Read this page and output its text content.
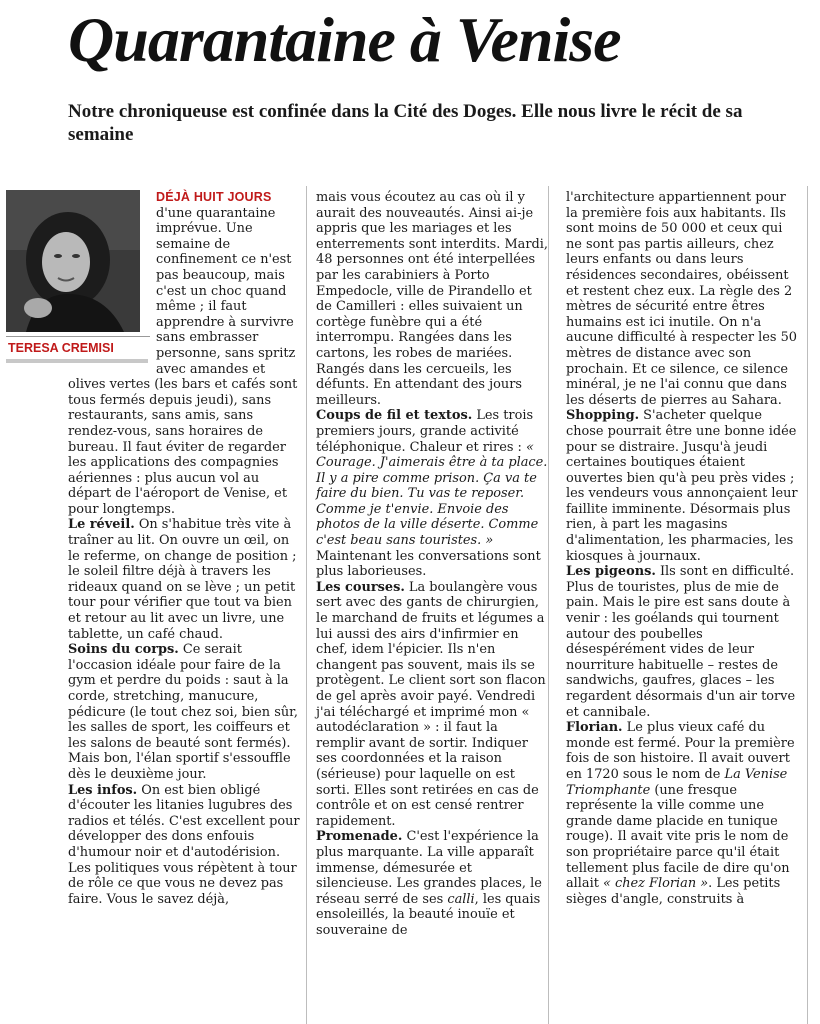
Quarantaine à Venise

Notre chroniqueuse est confinée dans la Cité des Doges. Elle nous livre le récit de sa semaine

TERESA CREMISI

DÉJÀ HUIT JOURS d'une quarantaine imprévue. Une semaine de confinement ce n'est pas beaucoup, mais c'est un choc quand même ; il faut apprendre à survivre sans embrasser personne, sans spritz avec amandes et olives vertes (les bars et cafés sont tous fermés depuis jeudi), sans restaurants, sans amis, sans rendez-vous, sans horaires de bureau. Il faut éviter de regarder les applications des compagnies aériennes : plus aucun vol au départ de l'aéroport de Venise, et pour longtemps.

Le réveil. On s'habitue très vite à traîner au lit. On ouvre un œil, on le referme, on change de position ; le soleil filtre déjà à travers les rideaux quand on se lève ; un petit tour pour vérifier que tout va bien et retour au lit avec un livre, une tablette, un café chaud.

Soins du corps. Ce serait l'occasion idéale pour faire de la gym et perdre du poids : saut à la corde, stretching, manucure, pédicure (le tout chez soi, bien sûr, les salles de sport, les coiffeurs et les salons de beauté sont fermés). Mais bon, l'élan sportif s'essouffle dès le deuxième jour.

Les infos. On est bien obligé d'écouter les litanies lugubres des radios et télés. C'est excellent pour développer des dons enfouis d'humour noir et d'autodérision. Les politiques vous répètent à tour de rôle ce que vous ne devez pas faire. Vous le savez déjà,

mais vous écoutez au cas où il y aurait des nouveautés. Ainsi ai-je appris que les mariages et les enterrements sont interdits. Mardi, 48 personnes ont été interpellées par les carabiniers à Porto Empedocle, ville de Pirandello et de Camilleri : elles suivaient un cortège funèbre qui a été interrompu. Rangées dans les cartons, les robes de mariées. Rangés dans les cercueils, les défunts. En attendant des jours meilleurs.

Coups de fil et textos. Les trois premiers jours, grande activité téléphonique. Chaleur et rires : « Courage. J'aimerais être à ta place. Il y a pire comme prison. Ça va te faire du bien. Tu vas te reposer. Comme je t'envie. Envoie des photos de la ville déserte. Comme c'est beau sans touristes. » Maintenant les conversations sont plus laborieuses.

Les courses. La boulangère vous sert avec des gants de chirurgien, le marchand de fruits et légumes a lui aussi des airs d'infirmier en chef, idem l'épicier. Ils n'en changent pas souvent, mais ils se protègent. Le client sort son flacon de gel après avoir payé. Vendredi j'ai téléchargé et imprimé mon « autodéclaration » : il faut la remplir avant de sortir. Indiquer ses coordonnées et la raison (sérieuse) pour laquelle on est sorti. Elles sont retirées en cas de contrôle et on est censé rentrer rapidement.

Promenade. C'est l'expérience la plus marquante. La ville apparaît immense, démesurée et silencieuse. Les grandes places, le réseau serré de ses calli, les quais ensoleillés, la beauté inouïe et souveraine de

l'architecture appartiennent pour la première fois aux habitants. Ils sont moins de 50 000 et ceux qui ne sont pas partis ailleurs, chez leurs enfants ou dans leurs résidences secondaires, obéissent et restent chez eux. La règle des 2 mètres de sécurité entre êtres humains est ici inutile. On n'a aucune difficulté à respecter les 50 mètres de distance avec son prochain. Et ce silence, ce silence minéral, je ne l'ai connu que dans les déserts de pierres au Sahara.

Shopping. S'acheter quelque chose pourrait être une bonne idée pour se distraire. Jusqu'à jeudi certaines boutiques étaient ouvertes bien qu'à peu près vides ; les vendeurs vous annonçaient leur faillite imminente. Désormais plus rien, à part les magasins d'alimentation, les pharmacies, les kiosques à journaux.

Les pigeons. Ils sont en difficulté. Plus de touristes, plus de mie de pain. Mais le pire est sans doute à venir : les goélands qui tournent autour des poubelles désespérément vides de leur nourriture habituelle – restes de sandwichs, gaufres, glaces – les regardent désormais d'un air torve et cannibale.

Florian. Le plus vieux café du monde est fermé. Pour la première fois de son histoire. Il avait ouvert en 1720 sous le nom de La Venise Triomphante (une fresque représente la ville comme une grande dame placide en tunique rouge). Il avait vite pris le nom de son propriétaire parce qu'il était tellement plus facile de dire qu'on allait « chez Florian ». Les petits sièges d'angle, construits à
